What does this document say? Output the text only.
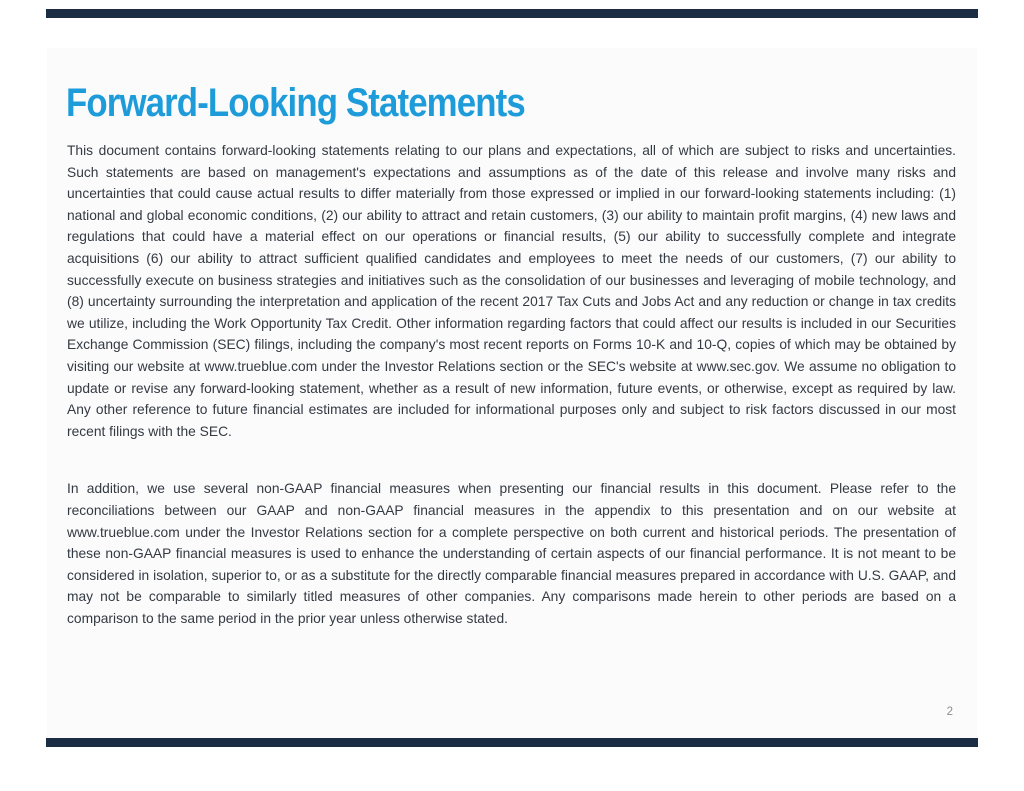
Forward-Looking Statements

This document contains forward-looking statements relating to our plans and expectations, all of which are subject to risks and uncertainties. Such statements are based on management's expectations and assumptions as of the date of this release and involve many risks and uncertainties that could cause actual results to differ materially from those expressed or implied in our forward-looking statements including: (1) national and global economic conditions, (2) our ability to attract and retain customers, (3) our ability to maintain profit margins, (4) new laws and regulations that could have a material effect on our operations or financial results, (5) our ability to successfully complete and integrate acquisitions (6) our ability to attract sufficient qualified candidates and employees to meet the needs of our customers, (7) our ability to successfully execute on business strategies and initiatives such as the consolidation of our businesses and leveraging of mobile technology, and (8) uncertainty surrounding the interpretation and application of the recent 2017 Tax Cuts and Jobs Act and any reduction or change in tax credits we utilize, including the Work Opportunity Tax Credit. Other information regarding factors that could affect our results is included in our Securities Exchange Commission (SEC) filings, including the company's most recent reports on Forms 10-K and 10-Q, copies of which may be obtained by visiting our website at www.trueblue.com under the Investor Relations section or the SEC's website at www.sec.gov. We assume no obligation to update or revise any forward-looking statement, whether as a result of new information, future events, or otherwise, except as required by law. Any other reference to future financial estimates are included for informational purposes only and subject to risk factors discussed in our most recent filings with the SEC.

In addition, we use several non-GAAP financial measures when presenting our financial results in this document. Please refer to the reconciliations between our GAAP and non-GAAP financial measures in the appendix to this presentation and on our website at www.trueblue.com under the Investor Relations section for a complete perspective on both current and historical periods. The presentation of these non-GAAP financial measures is used to enhance the understanding of certain aspects of our financial performance. It is not meant to be considered in isolation, superior to, or as a substitute for the directly comparable financial measures prepared in accordance with U.S. GAAP, and may not be comparable to similarly titled measures of other companies. Any comparisons made herein to other periods are based on a comparison to the same period in the prior year unless otherwise stated.

2
